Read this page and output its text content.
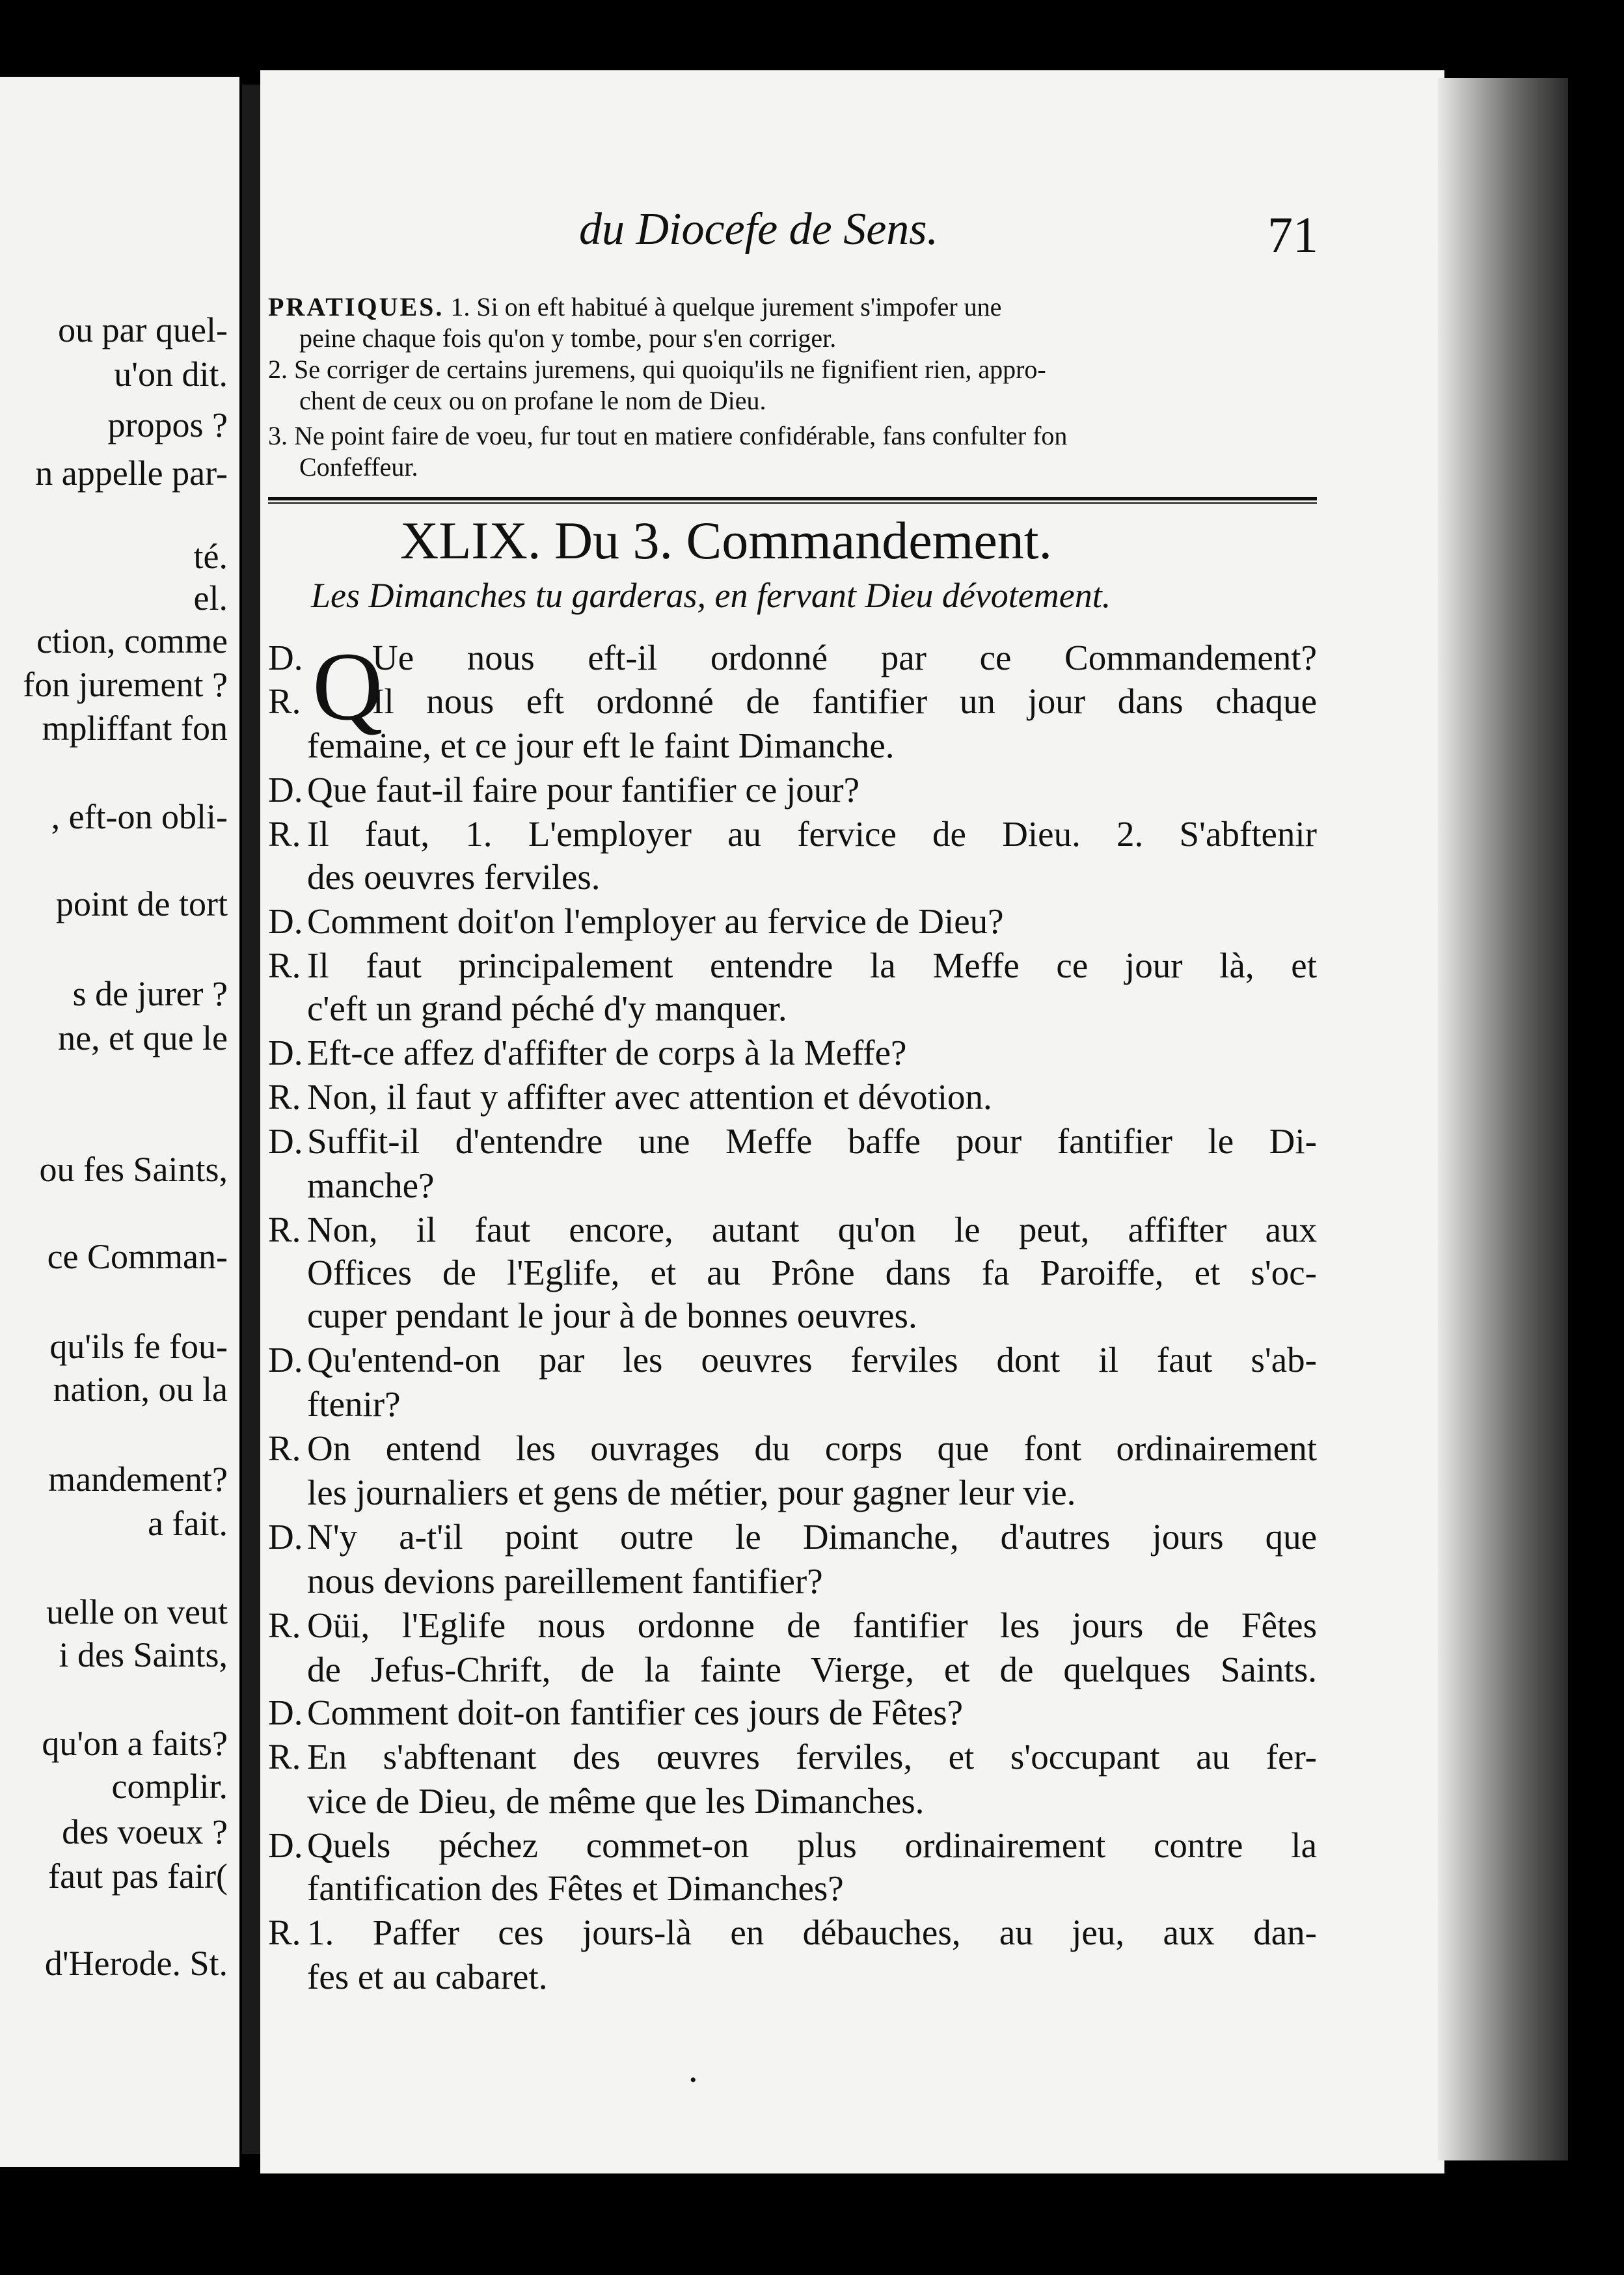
ou par quel-
u'on dit.
propos ?
n appelle par-
té.
el.
ction, comme
fon jurement ?
mpliffant fon
, eft-on obli-
point de tort
s de jurer ?
ne, et que le
ou fes Saints,
ce Comman-
qu'ils fe fou-
nation, ou la
mandement?
a fait.
uelle on veut
i des Saints,
qu'on a faits?
complir.
des voeux ?
faut pas fair(
d'Herode. St.
du Diocefe de Sens.	71
PRATIQUES. 1. Si on eft habitué à quelque jurement s'impofer une
peine chaque fois qu'on y tombe, pour s'en corriger.
2. Se corriger de certains juremens, qui quoiqu'ils ne fignifient rien, appro-
chent de ceux ou on profane le nom de Dieu.
3. Ne point faire de voeu, fur tout en matiere confidérable, fans confulter fon
Confeffeur.
XLIX. Du 3. Commandement.
Les Dimanches tu garderas, en fervant Dieu dévotement.
Q
D.	Ue nous eft-il ordonné par ce Commandement?
R.	Il nous eft ordonné de fantifier un jour dans chaque
femaine, et ce jour eft le faint Dimanche.
D. Que faut-il faire pour fantifier ce jour?
R. Il faut, 1. L'employer au fervice de Dieu. 2. S'abftenir
des oeuvres ferviles.
D. Comment doit'on l'employer au fervice de Dieu?
R. Il faut principalement entendre la Meffe ce jour là, et
c'eft un grand péché d'y manquer.
D. Eft-ce affez d'affifter de corps à la Meffe?
R. Non, il faut y affifter avec attention et dévotion.
D. Suffit-il d'entendre une Meffe baffe pour fantifier le Di-
manche?
R. Non, il faut encore, autant qu'on le peut, affifter aux
Offices de l'Eglife, et au Prône dans fa Paroiffe, et s'oc-
cuper pendant le jour à de bonnes oeuvres.
D. Qu'entend-on par les oeuvres ferviles dont il faut s'ab-
ftenir?
R. On entend les ouvrages du corps que font ordinairement
les journaliers et gens de métier, pour gagner leur vie.
D. N'y a-t'il point outre le Dimanche, d'autres jours que
nous devions pareillement fantifier?
R. Oüi, l'Eglife nous ordonne de fantifier les jours de Fêtes
de Jefus-Chrift, de la fainte Vierge, et de quelques Saints.
D. Comment doit-on fantifier ces jours de Fêtes?
R. En s'abftenant des œuvres ferviles, et s'occupant au fer-
vice de Dieu, de même que les Dimanches.
D. Quels péchez commet-on plus ordinairement contre la
fantification des Fêtes et Dimanches?
R. 1. Paffer ces jours-là en débauches, au jeu, aux dan-
fes et au cabaret.
•
